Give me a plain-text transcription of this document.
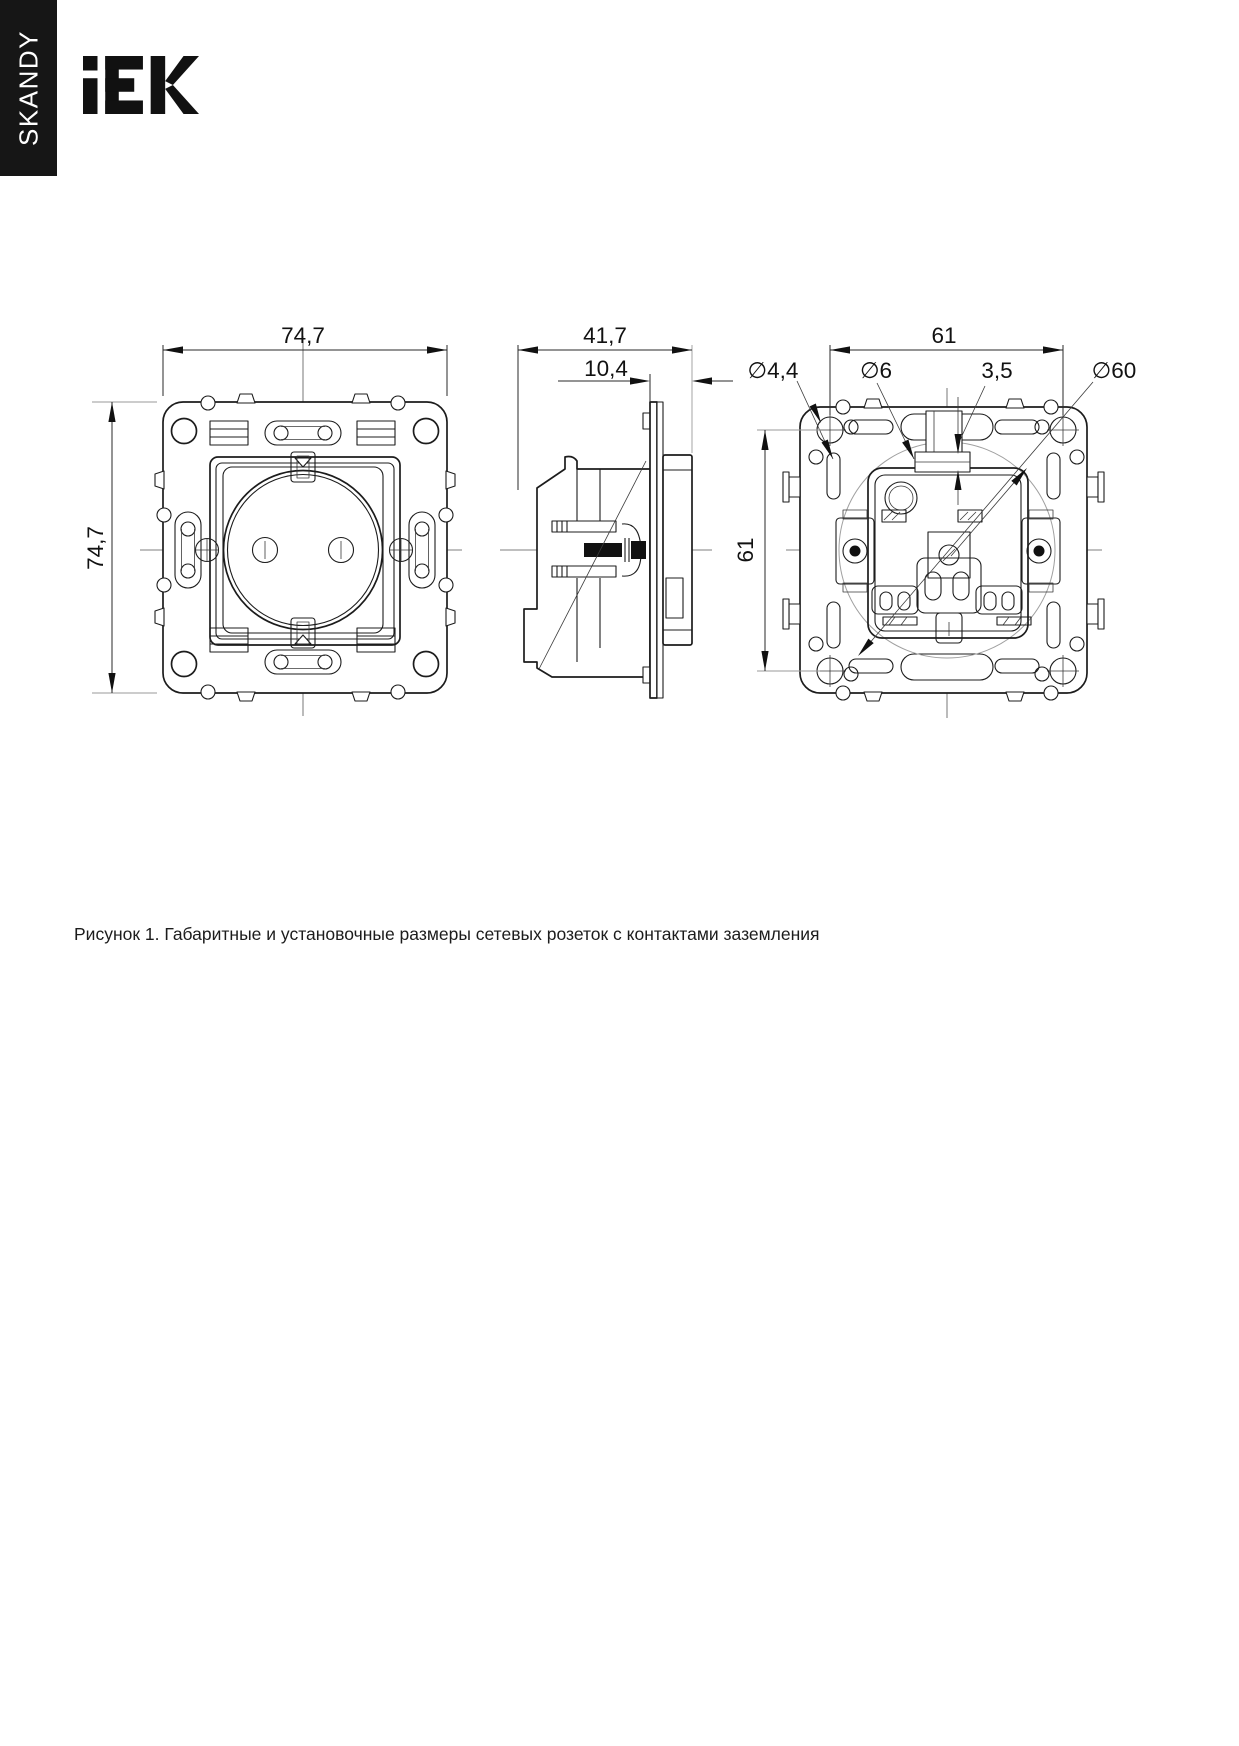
SKANDY
74,7
74,7
41,7
10,4
61
61
∅4,4	∅6	3,5	∅60
Рисунок 1. Габаритные и установочные размеры сетевых розеток с контактами заземления
